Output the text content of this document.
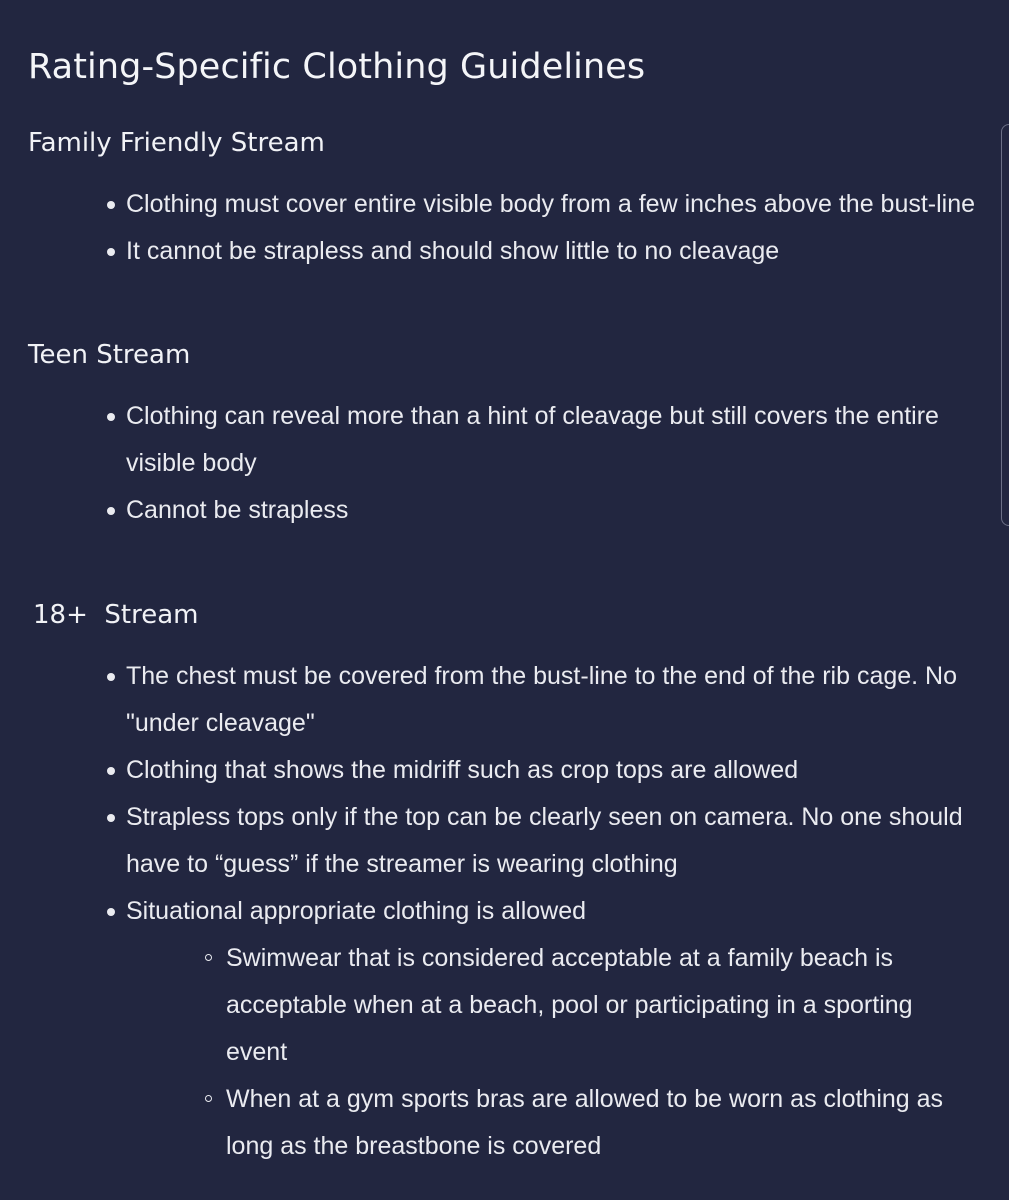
Rating-Specific Clothing Guidelines
Family Friendly Stream
Clothing must cover entire visible body from a few inches above the bust-line
It cannot be strapless and should show little to no cleavage
Teen Stream
Clothing can reveal more than a hint of cleavage but still covers the entire visible body
Cannot be strapless
18+  Stream
The chest must be covered from the bust-line to the end of the rib cage. No "under cleavage"
Clothing that shows the midriff such as crop tops are allowed
Strapless tops only if the top can be clearly seen on camera. No one should have to “guess” if the streamer is wearing clothing
Situational appropriate clothing is allowed
Swimwear that is considered acceptable at a family beach is acceptable when at a beach, pool or participating in a sporting event
When at a gym sports bras are allowed to be worn as clothing as long as the breastbone is covered
